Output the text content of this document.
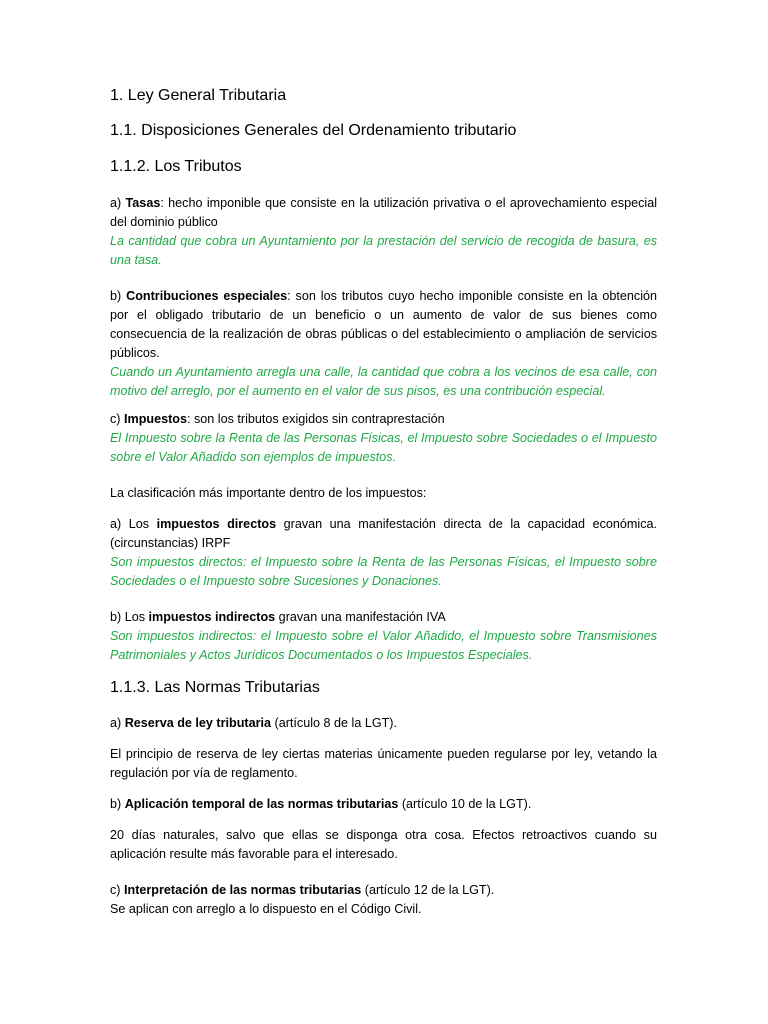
1. Ley General Tributaria
1.1. Disposiciones Generales del Ordenamiento tributario
1.1.2. Los Tributos

a) Tasas: hecho imponible que consiste en la utilización privativa o el aprovechamiento especial del dominio público

La cantidad que cobra un Ayuntamiento por la prestación del servicio de recogida de basura, es una tasa.

b) Contribuciones especiales: son los tributos cuyo hecho imponible consiste en la obtención por el obligado tributario de un beneficio o un aumento de valor de sus bienes como consecuencia de la realización de obras públicas o del establecimiento o ampliación de servicios públicos.

Cuando un Ayuntamiento arregla una calle, la cantidad que cobra a los vecinos de esa calle, con motivo del arreglo, por el aumento en el valor de sus pisos, es una contribución especial.

c) Impuestos: son los tributos exigidos sin contraprestación

El Impuesto sobre la Renta de las Personas Físicas, el Impuesto sobre Sociedades o el Impuesto sobre el Valor Añadido son ejemplos de impuestos.

La clasificación más importante dentro de los impuestos:

a) Los impuestos directos gravan una manifestación directa de la capacidad económica. (circunstancias) IRPF

Son impuestos directos: el Impuesto sobre la Renta de las Personas Físicas, el Impuesto sobre Sociedades o el Impuesto sobre Sucesiones y Donaciones.

b) Los impuestos indirectos gravan una manifestación IVA

Son impuestos indirectos: el Impuesto sobre el Valor Añadido, el Impuesto sobre Transmisiones Patrimoniales y Actos Jurídicos Documentados o los Impuestos Especiales.

1.1.3. Las Normas Tributarias

a) Reserva de ley tributaria (artículo 8 de la LGT).

El principio de reserva de ley ciertas materias únicamente pueden regularse por ley, vetando la regulación por vía de reglamento.

b) Aplicación temporal de las normas tributarias (artículo 10 de la LGT).

20 días naturales, salvo que ellas se disponga otra cosa. Efectos retroactivos cuando su aplicación resulte más favorable para el interesado.

c) Interpretación de las normas tributarias (artículo 12 de la LGT).

Se aplican con arreglo a lo dispuesto en el Código Civil.
